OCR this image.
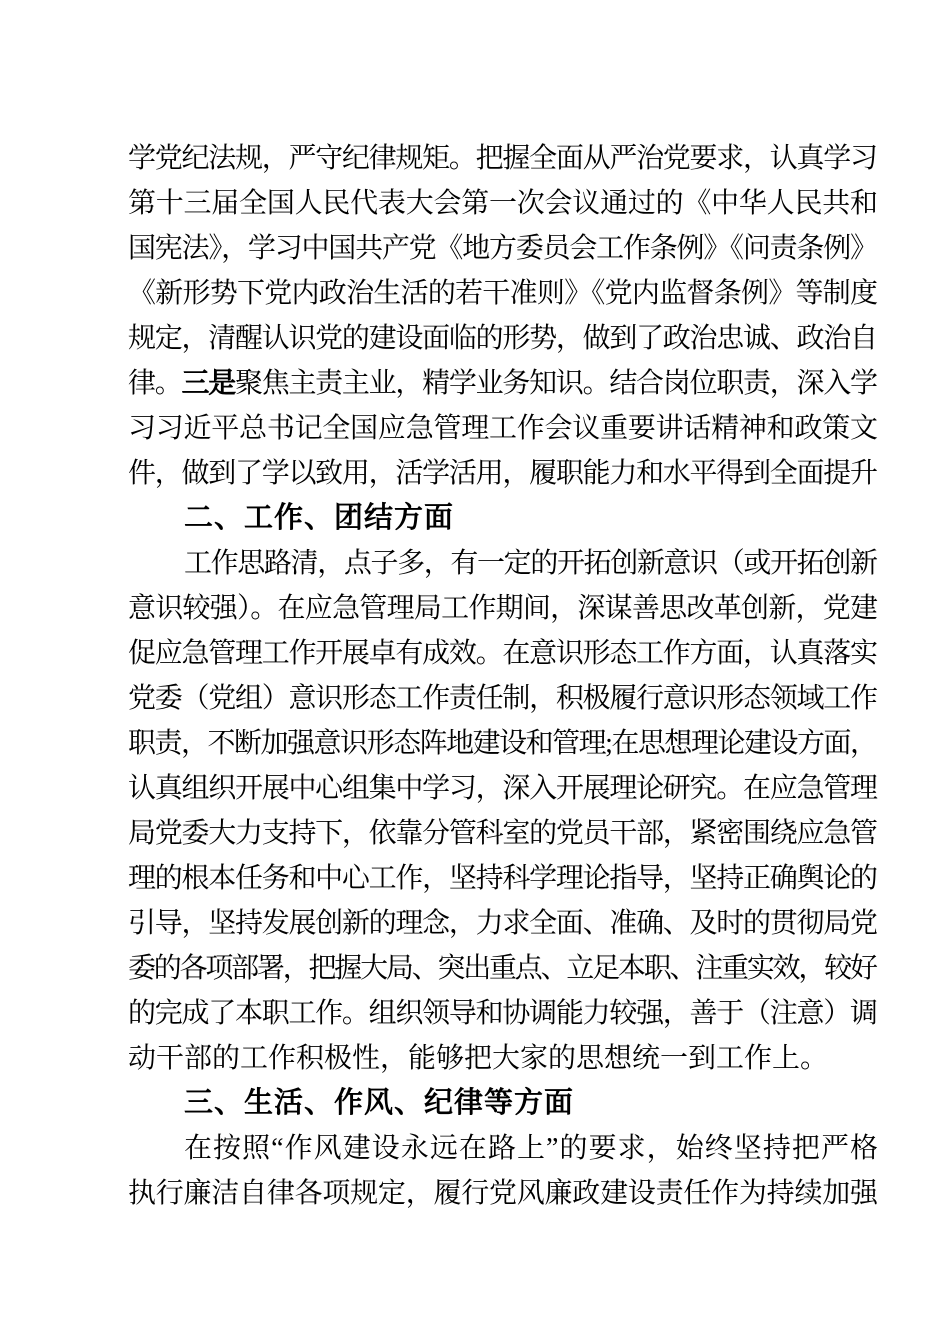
学党纪法规，严守纪律规矩。把握全面从严治党要求，认真学习
第十三届全国人民代表大会第一次会议通过的《中华人民共和
国宪法》，学习中国共产党《地方委员会工作条例》《问责条例》
《新形势下党内政治生活的若干准则》《党内监督条例》等制度
规定，清醒认识党的建设面临的形势，做到了政治忠诚、政治自
律。三是聚焦主责主业，精学业务知识。结合岗位职责，深入学
习习近平总书记全国应急管理工作会议重要讲话精神和政策文
件，做到了学以致用，活学活用，履职能力和水平得到全面提升
二、工作、团结方面
工作思路清，点子多，有一定的开拓创新意识（或开拓创新
意识较强）。在应急管理局工作期间，深谋善思改革创新，党建
促应急管理工作开展卓有成效。在意识形态工作方面，认真落实
党委（党组）意识形态工作责任制，积极履行意识形态领域工作
职责，不断加强意识形态阵地建设和管理;在思想理论建设方面，
认真组织开展中心组集中学习，深入开展理论研究。在应急管理
局党委大力支持下，依靠分管科室的党员干部，紧密围绕应急管
理的根本任务和中心工作，坚持科学理论指导，坚持正确舆论的
引导，坚持发展创新的理念，力求全面、准确、及时的贯彻局党
委的各项部署，把握大局、突出重点、立足本职、注重实效，较好
的完成了本职工作。组织领导和协调能力较强，善于（注意）调
动干部的工作积极性，能够把大家的思想统一到工作上。
三、生活、作风、纪律等方面
在按照“作风建设永远在路上”的要求，始终坚持把严格
执行廉洁自律各项规定，履行党风廉政建设责任作为持续加强
